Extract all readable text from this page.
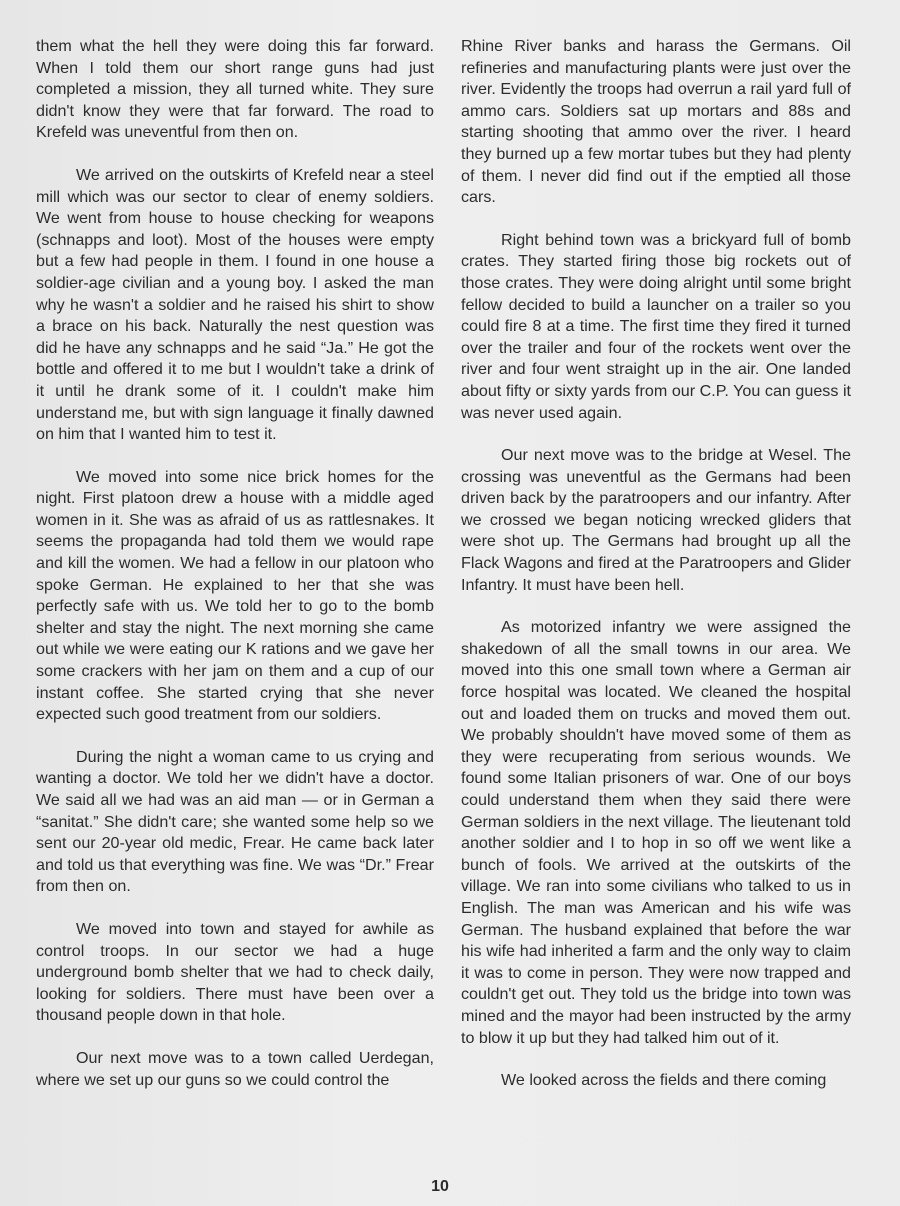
them what the hell they were doing this far forward. When I told them our short range guns had just completed a mission, they all turned white. They sure didn't know they were that far forward. The road to Krefeld was uneventful from then on.

We arrived on the outskirts of Krefeld near a steel mill which was our sector to clear of enemy soldiers. We went from house to house checking for weapons (schnapps and loot). Most of the houses were empty but a few had people in them. I found in one house a soldier-age civilian and a young boy. I asked the man why he wasn't a soldier and he raised his shirt to show a brace on his back. Naturally the nest question was did he have any schnapps and he said “Ja.” He got the bottle and offered it to me but I wouldn't take a drink of it until he drank some of it. I couldn't make him understand me, but with sign language it finally dawned on him that I wanted him to test it.

We moved into some nice brick homes for the night. First platoon drew a house with a middle aged women in it. She was as afraid of us as rattlesnakes. It seems the propaganda had told them we would rape and kill the women. We had a fellow in our platoon who spoke German. He explained to her that she was perfectly safe with us. We told her to go to the bomb shelter and stay the night. The next morning she came out while we were eating our K rations and we gave her some crackers with her jam on them and a cup of our instant coffee. She started crying that she never expected such good treatment from our soldiers.

During the night a woman came to us crying and wanting a doctor. We told her we didn't have a doctor. We said all we had was an aid man — or in German a “sanitat.” She didn't care; she wanted some help so we sent our 20-year old medic, Frear. He came back later and told us that everything was fine. We was “Dr.” Frear from then on.

We moved into town and stayed for awhile as control troops. In our sector we had a huge underground bomb shelter that we had to check daily, looking for soldiers. There must have been over a thousand people down in that hole.

Our next move was to a town called Uerdegan, where we set up our guns so we could control the

Rhine River banks and harass the Germans. Oil refineries and manufacturing plants were just over the river. Evidently the troops had overrun a rail yard full of ammo cars. Soldiers sat up mortars and 88s and starting shooting that ammo over the river. I heard they burned up a few mortar tubes but they had plenty of them. I never did find out if the emptied all those cars.

Right behind town was a brickyard full of bomb crates. They started firing those big rockets out of those crates. They were doing alright until some bright fellow decided to build a launcher on a trailer so you could fire 8 at a time. The first time they fired it turned over the trailer and four of the rockets went over the river and four went straight up in the air. One landed about fifty or sixty yards from our C.P. You can guess it was never used again.

Our next move was to the bridge at Wesel. The crossing was uneventful as the Germans had been driven back by the paratroopers and our infantry. After we crossed we began noticing wrecked gliders that were shot up. The Germans had brought up all the Flack Wagons and fired at the Paratroopers and Glider Infantry. It must have been hell.

As motorized infantry we were assigned the shakedown of all the small towns in our area. We moved into this one small town where a German air force hospital was located. We cleaned the hospital out and loaded them on trucks and moved them out. We probably shouldn't have moved some of them as they were recuperating from serious wounds. We found some Italian prisoners of war. One of our boys could understand them when they said there were German soldiers in the next village. The lieutenant told another soldier and I to hop in so off we went like a bunch of fools. We arrived at the outskirts of the village. We ran into some civilians who talked to us in English. The man was American and his wife was German. The husband explained that before the war his wife had inherited a farm and the only way to claim it was to come in person. They were now trapped and couldn't get out. They told us the bridge into town was mined and the mayor had been instructed by the army to blow it up but they had talked him out of it.

We looked across the fields and there coming

10
